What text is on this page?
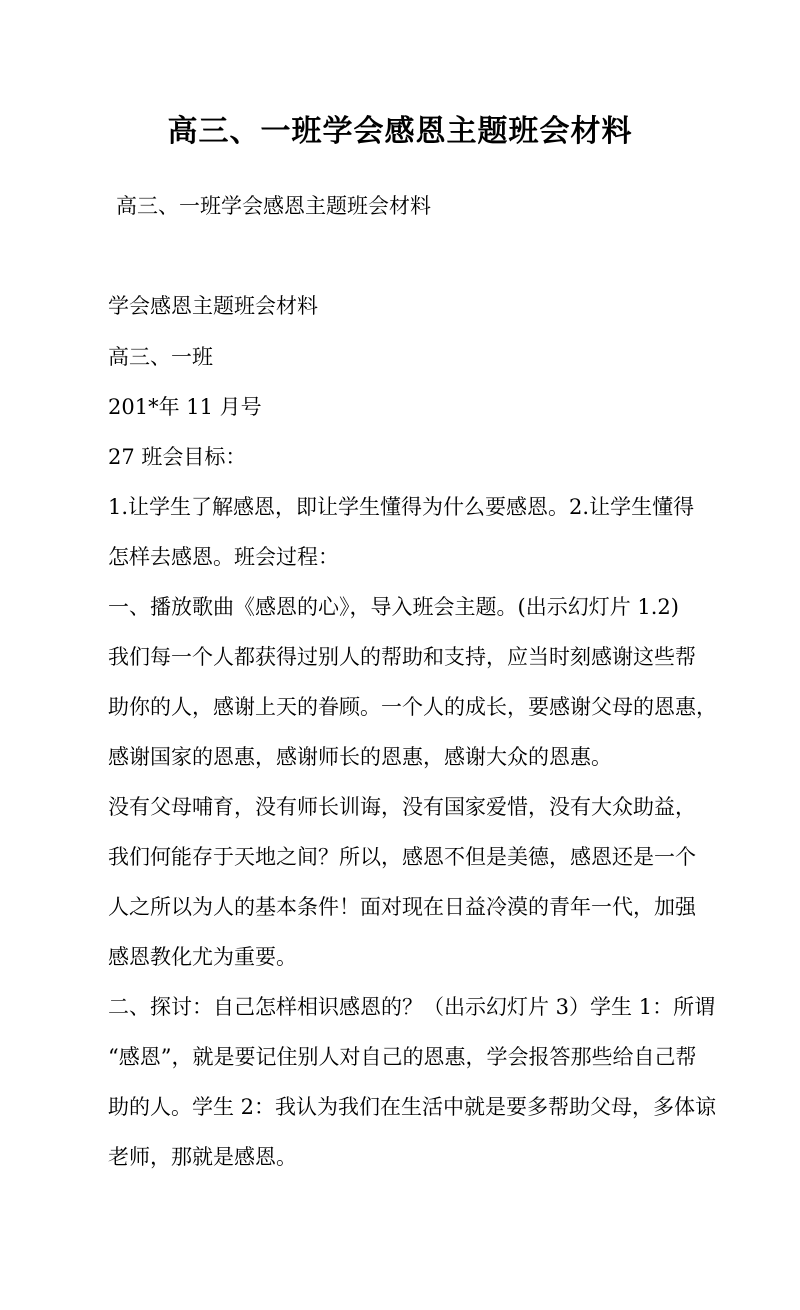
高三、一班学会感恩主题班会材料
高三、一班学会感恩主题班会材料
学会感恩主题班会材料
高三、一班
201*年 11 月号
27 班会目标：
1.让学生了解感恩，即让学生懂得为什么要感恩。2.让学生懂得
怎样去感恩。班会过程：
一、播放歌曲《感恩的心》，导入班会主题。(出示幻灯片 1.2)
我们每一个人都获得过别人的帮助和支持，应当时刻感谢这些帮
助你的人，感谢上天的眷顾。一个人的成长，要感谢父母的恩惠，
感谢国家的恩惠，感谢师长的恩惠，感谢大众的恩惠。
没有父母哺育，没有师长训诲，没有国家爱惜，没有大众助益，
我们何能存于天地之间？所以，感恩不但是美德，感恩还是一个
人之所以为人的基本条件！面对现在日益冷漠的青年一代，加强
感恩教化尤为重要。
二、探讨：自己怎样相识感恩的？（出示幻灯片 3）学生 1：所谓
“感恩”，就是要记住别人对自己的恩惠，学会报答那些给自己帮
助的人。学生 2：我认为我们在生活中就是要多帮助父母，多体谅
老师，那就是感恩。
